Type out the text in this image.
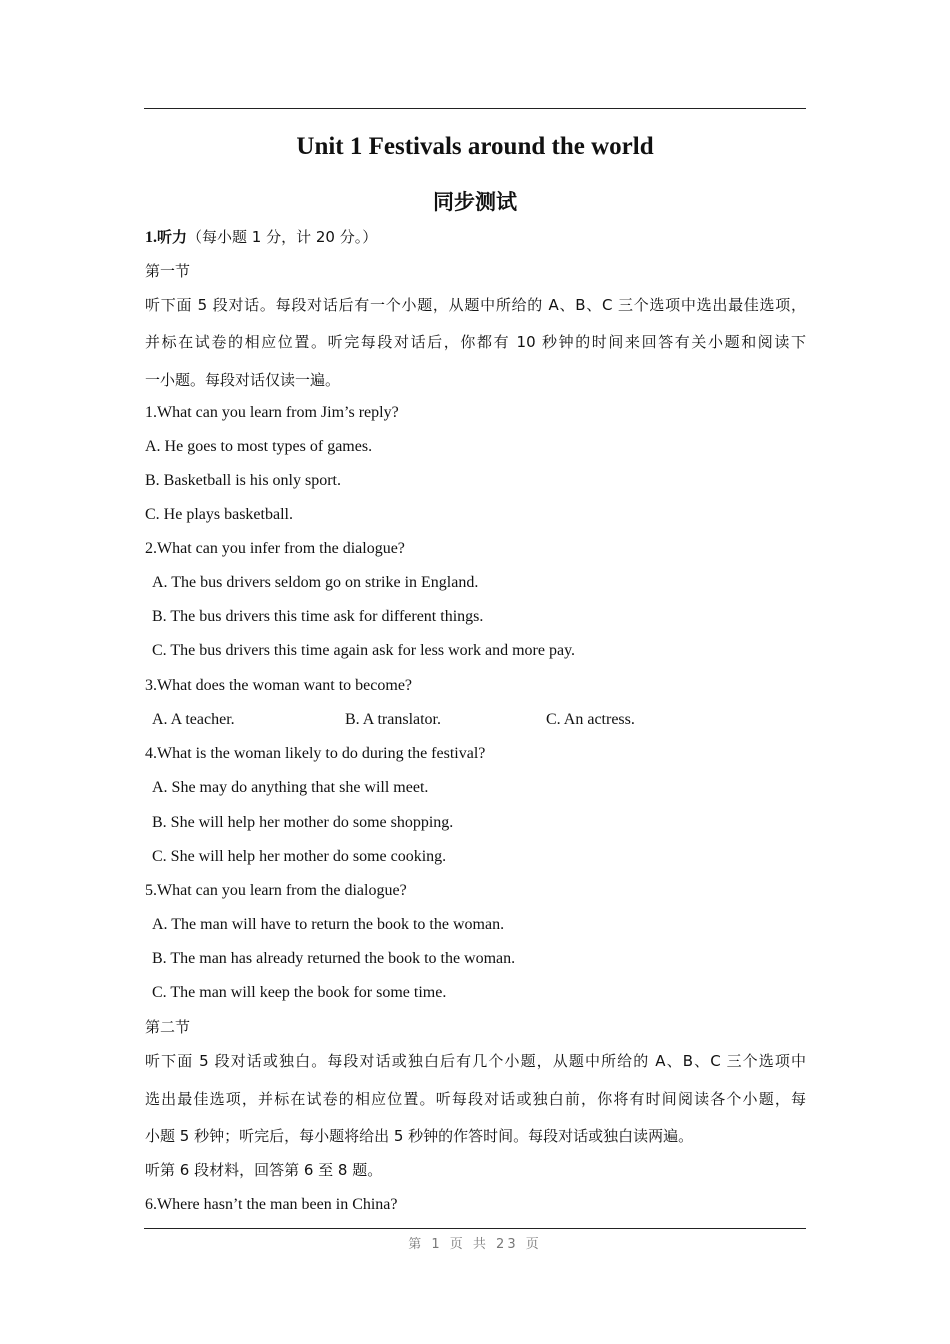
Unit 1 Festivals around the world
同步测试
1.听力（每小题 1 分，计 20 分。）
第一节
听下面 5 段对话。每段对话后有一个小题，从题中所给的 A、B、C 三个选项中选出最佳选项，
并标在试卷的相应位置。听完每段对话后，你都有 10 秒钟的时间来回答有关小题和阅读下
一小题。每段对话仅读一遍。
1.What can you learn from Jim’s reply?
A. He goes to most types of games.
B. Basketball is his only sport.
C. He plays basketball.
2.What can you infer from the dialogue?
A. The bus drivers seldom go on strike in England.
B. The bus drivers this time ask for different things.
C. The bus drivers this time again ask for less work and more pay.
3.What does the woman want to become?
A. A teacher.	B. A translator.	C. An actress.
4.What is the woman likely to do during the festival?
A. She may do anything that she will meet.
B. She will help her mother do some shopping.
C. She will help her mother do some cooking.
5.What can you learn from the dialogue?
A. The man will have to return the book to the woman.
B. The man has already returned the book to the woman.
C. The man will keep the book for some time.
第二节
听下面 5 段对话或独白。每段对话或独白后有几个小题，从题中所给的 A、B、C 三个选项中
选出最佳选项，并标在试卷的相应位置。听每段对话或独白前，你将有时间阅读各个小题，每
小题 5 秒钟；听完后，每小题将给出 5 秒钟的作答时间。每段对话或独白读两遍。
听第 6 段材料，回答第 6 至 8 题。
6.Where hasn’t the man been in China?
第 1 页 共 23 页
